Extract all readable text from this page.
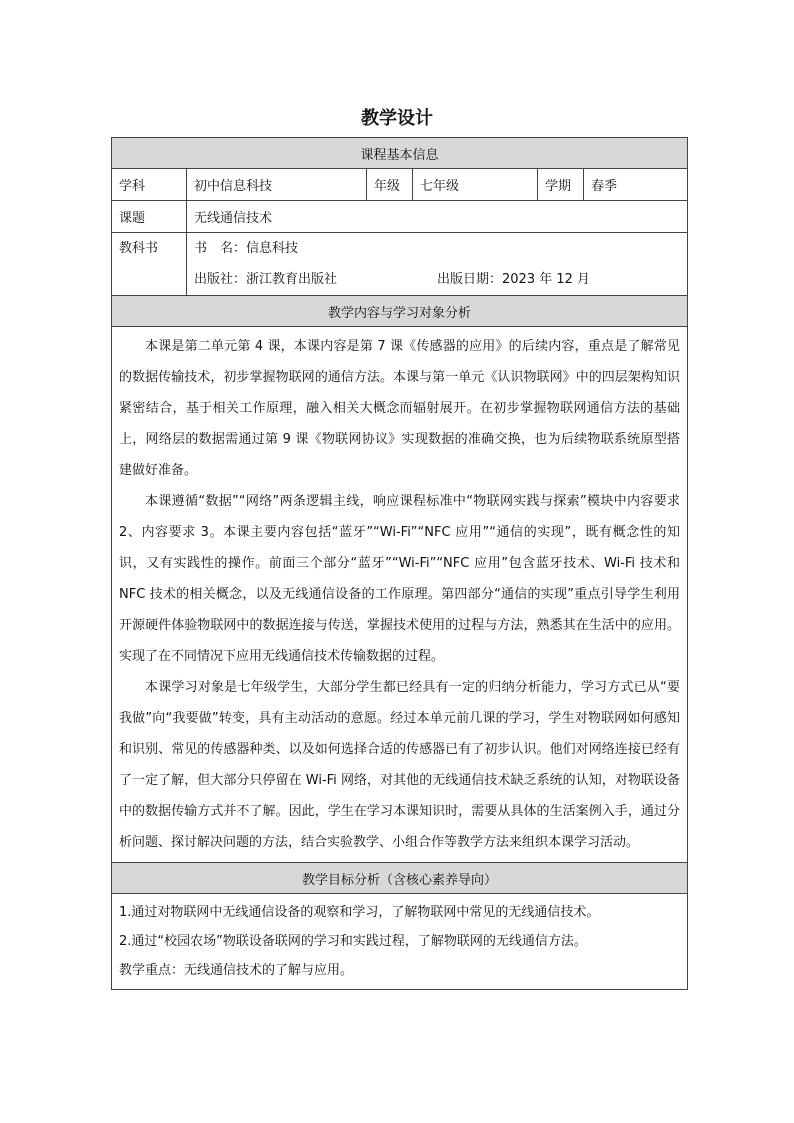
教学设计
课程基本信息					
学科	初中信息科技	年级	七年级	学期	春季
课题	无线通信技术				
教科书	书　名：信息科技
出版社：浙江教育出版社 出版日期：2023 年 12 月				

教学内容与学习对象分析					

本课是第二单元第 4 课，本课内容是第 7 课《传感器的应用》的后续内容，重点是了解常见的数据传输技术，初步掌握物联网的通信方法。本课与第一单元《认识物联网》中的四层架构知识紧密结合，基于相关工作原理，融入相关大概念而辐射展开。在初步掌握物联网通信方法的基础上，网络层的数据需通过第 9 课《物联网协议》实现数据的准确交换，也为后续物联系统原型搭建做好准备。

本课遵循“数据”“网络”两条逻辑主线，响应课程标准中“物联网实践与探索”模块中内容要求 2、内容要求 3。本课主要内容包括“蓝牙”“Wi-Fi”“NFC 应用”“通信的实现”，既有概念性的知识，又有实践性的操作。前面三个部分“蓝牙”“Wi-Fi”“NFC 应用”包含蓝牙技术、Wi-Fi 技术和 NFC 技术的相关概念，以及无线通信设备的工作原理。第四部分“通信的实现”重点引导学生利用开源硬件体验物联网中的数据连接与传送，掌握技术使用的过程与方法，熟悉其在生活中的应用。实现了在不同情况下应用无线通信技术传输数据的过程。

本课学习对象是七年级学生，大部分学生都已经具有一定的归纳分析能力，学习方式已从“要我做”向“我要做”转变，具有主动活动的意愿。经过本单元前几课的学习，学生对物联网如何感知和识别、常见的传感器种类、以及如何选择合适的传感器已有了初步认识。他们对网络连接已经有了一定了解，但大部分只停留在 Wi-Fi 网络，对其他的无线通信技术缺乏系统的认知，对物联设备中的数据传输方式并不了解。因此，学生在学习本课知识时，需要从具体的生活案例入手，通过分析问题、探讨解决问题的方法，结合实验教学、小组合作等教学方法来组织本课学习活动。					

教学目标分析（含核心素养导向）					

1.通过对物联网中无线通信设备的观察和学习，了解物联网中常见的无线通信技术。

2.通过“校园农场”物联设备联网的学习和实践过程，了解物联网的无线通信方法。

教学重点：无线通信技术的了解与应用。					
